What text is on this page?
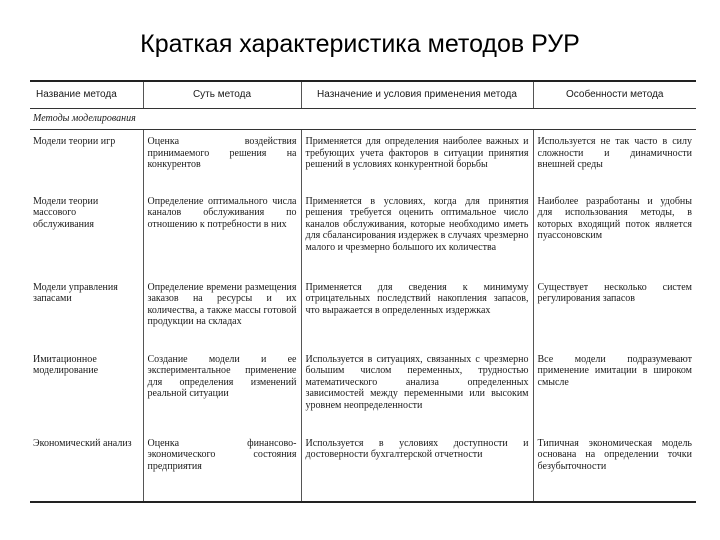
Краткая характеристика методов РУР
Название метода	Суть метода	Назначение и условия применения метода	Особенности метода
Методы моделирования			
Модели теории игр	Оценка воздействия принимаемого решения на конкурентов	Применяется для определения наиболее важных и требующих учета факторов в ситуации принятия решений в условиях конкурентной борьбы	Используется не так часто в силу сложности и динамичности внешней среды
Модели теории массового обслуживания	Определение оптимального числа каналов обслуживания по отношению к потребности в них	Применяется в условиях, когда для принятия решения требуется оценить оптимальное число каналов обслуживания, которые необходимо иметь для сбалансирования издержек в случаях чрезмерно малого и чрезмерно большого их количества	Наиболее разработаны и удобны для использования методы, в которых входящий поток является пуассоновским
Модели управления запасами	Определение времени размещения заказов на ресурсы и их количества, а также массы готовой продукции на складах	Применяется для сведения к минимуму отрицательных последствий накопления запасов, что выражается в определенных издержках	Существует несколько систем регулирования запасов
Имитационное моделирование	Создание модели и ее экспериментальное применение для определения изменений реальной ситуации	Используется в ситуациях, связанных с чрезмерно большим числом переменных, трудностью математического анализа определенных зависимостей между переменными или высоким уровнем неопределенности	Все модели подразумевают применение имитации в широком смысле
Экономический анализ	Оценка финансово-экономического состояния предприятия	Используется в условиях доступности и достоверности бухгалтерской отчетности	Типичная экономическая модель основана на определении точки безубыточности
